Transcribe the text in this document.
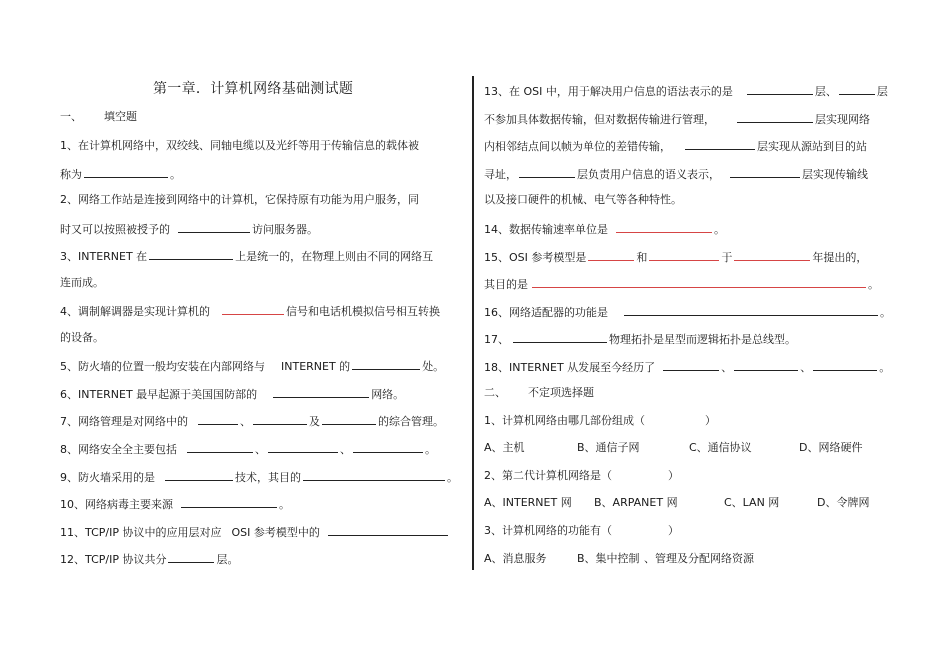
第一章．计算机网络基础测试题
一、 填空题
1、在计算机网络中，双绞线、同轴电缆以及光纤等用于传输信息的载体被
称为	。
2、网络工作站是连接到网络中的计算机，它保持原有功能为用户服务，同
时又可以按照被授予的	访问服务器。
3、INTERNET 在	上是统一的，在物理上则由不同的网络互
连而成。
4、调制解调器是实现计算机的	信号和电话机模拟信号相互转换
的设备。
5、防火墙的位置一般均安装在内部网络与 INTERNET 的	处。
6、INTERNET 最早起源于美国国防部的	网络。
7、网络管理是对网络中的	、	及	的综合管理。
8、网络安全全主要包括	、	、	。
9、防火墙采用的是	技术，其目的	。
10、网络病毒主要来源	。
11、TCP/IP 协议中的应用层对应 OSI 参考模型中的
12、TCP/IP 协议共分	层。
13、在 OSI 中，用于解决用户信息的语法表示的是	层、	层
不参加具体数据传输，但对数据传输进行管理，	层实现网络
内相邻结点间以帧为单位的差错传输，	层实现从源站到目的站
寻址，	层负责用户信息的语义表示，	层实现传输线
以及接口硬件的机械、电气等各种特性。
14、数据传输速率单位是	。
15、OSI 参考模型是	和	于	年提出的，
其目的是	。
16、网络适配器的功能是	。
17、	物理拓扑是星型而逻辑拓扑是总线型。
18、INTERNET 从发展至今经历了	、	、	。
二、 不定项选择题
1、计算机网络由哪几部份组成（	）
A、主机	B、通信子网	C、通信协议	D、网络硬件
2、第二代计算机网络是（	）
A、INTERNET 网 B、ARPANET 网	C、LAN 网	D、令牌网
3、计算机网络的功能有（	）
A、消息服务	B、集中控制 、管理及分配网络资源
